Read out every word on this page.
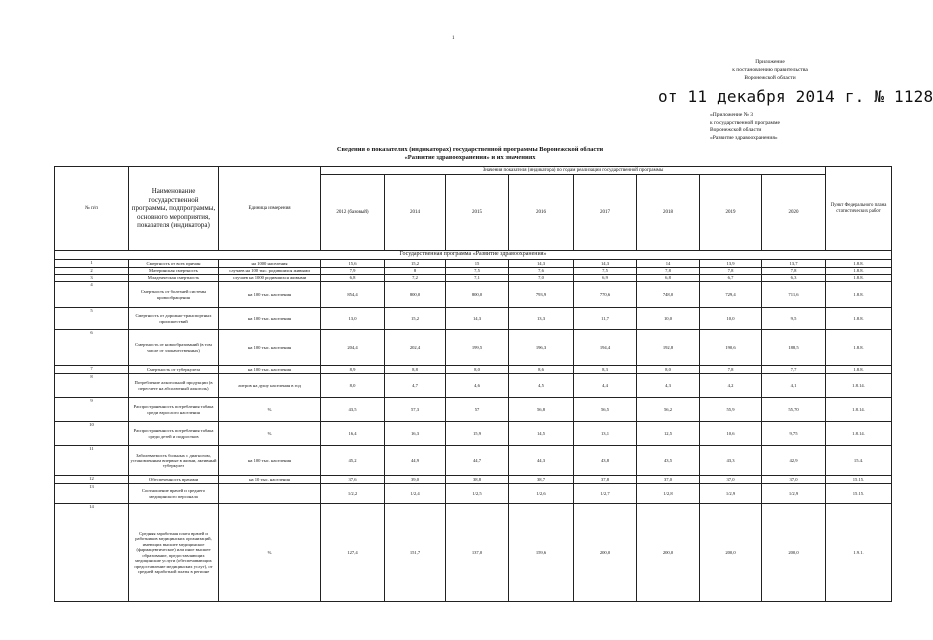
1
Приложение
к постановлению правительства
Воронежской области
от 11 декабря 2014 г. № 1128
«Приложение № 3
к государственной программе
Воронежской области
«Развитие здравоохранения»
Сведения о показателях (индикаторах) государственной программы Воронежской области
«Развитие здравоохранения» и их значениях
№ п/п	Наименование государственной программы, подпрограммы, основного мероприятия, показателя (индикатора)	Единица измерения	Значения показателя (индикатора) по годам реализации государственной программы								Пункт Федерального плана статистических работ
			2012 (базовый)	2014	2015	2016	2017	2018	2019	2020	
Государственная программа «Развитие здравоохранения»											
1	Смертность от всех причин	на 1000 населения	15,6	15,2	15	14,3	14,3	14	13,9	13,7	1.8.8.
2	Материнская смертность	случаев на 100 тыс. родившихся живыми	7,9	8	7,5	7,6	7,5	7,8	7,8	7,8	1.8.8.
3	Младенческая смертность	случаев на 1000 родившихся живыми	6,8	7,2	7,1	7,0	6,9	6,8	6,7	6,3	1.8.8.
4	Смертность от болезней системы кровообращения	на 100 тыс. населения	854,4	800,0	800,0	793,9	770,6	748,0	729,4	711,6	1.8.8.
5	Смертность от дорожно-транспортных происшествий	на 100 тыс. населения	13,0	15,2	14,3	13,3	11,7	10,0	10,0	9,5	1.8.8.
6	Смертность от новообразований (в том числе от злокачественных)	на 100 тыс. населения	204,4	202,4	199,5	196,3	194,4	192,8	190,6	188,5	1.8.8.
7	Смертность от туберкулеза	на 100 тыс. населения	8,9	8,8	8,0	8,6	8,3	8,0	7,8	7,7	1.8.8.
8	Потребление алкогольной продукции (в пересчете на абсолютный алкоголь)	литров на душу населения в год	8,0	4,7	4,6	4,5	4,4	4,3	4,2	4,1	1.8.14.
9	Распространенность потребления табака среди взрослого населения	%	43,5	57,3	57	56,8	56,5	56,2	55,9	55,70	1.8.14.
10	Распространенность потребления табака среди детей и подростков	%	16,4	16,3	15,9	14,5	13,1	12,5	10,6	9,75	1.8.14.
11	Заболеваемость больных с диагнозом, установленным впервые в жизни, активный туберкулез	на 100 тыс. населения	45,2	44,9	44,7	44,3	43,8	43,5	43,3	42,9	15.4.
12	Обеспеченность врачами	на 10 тыс. населения	37,6	39,0	38,8	38,7	37,8	37,0	37,0	37,0	15.15.
13	Соотношение врачей и среднего медицинского персонала		1/2,2	1/2,4	1/2,5	1/2,6	1/2,7	1/2,8	1/2,9	1/2,9	15.15.
14	Средняя заработная плата врачей и работников медицинских организаций, имеющих высшее медицинское (фармацевтическое) или иное высшее образование, предоставляющих медицинские услуги (обеспечивающих предоставление медицинских услуг), от средней заработной платы в регионе	%	127,4	151,7	137,0	159,6	200,0	200,0	200,0	200,0	1.9.1.
